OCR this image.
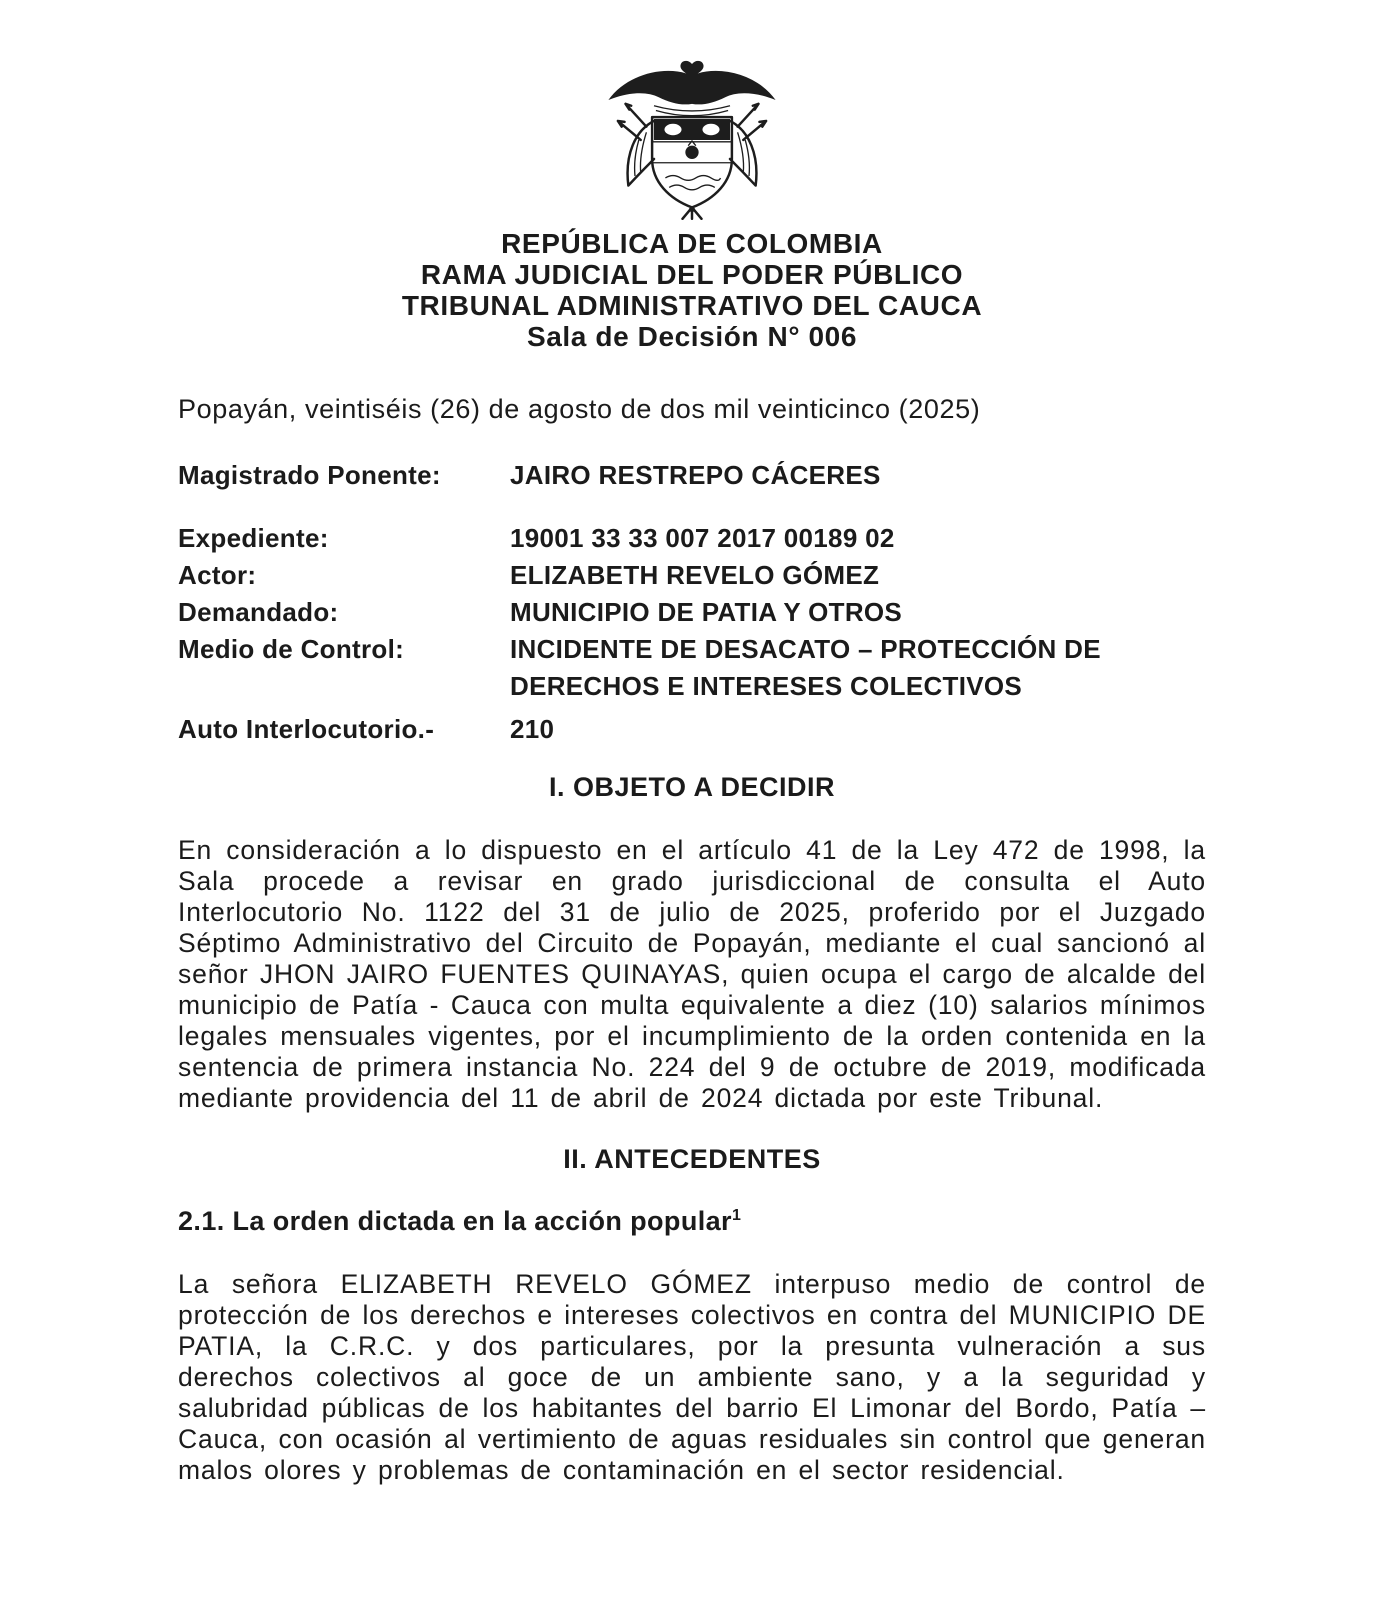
REPÚBLICA DE COLOMBIA
RAMA JUDICIAL DEL PODER PÚBLICO
TRIBUNAL ADMINISTRATIVO DEL CAUCA
Sala de Decisión N° 006

Popayán, veintiséis (26) de agosto de dos mil veinticinco (2025)

Magistrado Ponente:	JAIRO RESTREPO CÁCERES
Expediente:	19001 33 33 007 2017 00189 02
Actor:	ELIZABETH REVELO GÓMEZ
Demandado:	MUNICIPIO DE PATIA Y OTROS
Medio de Control:	INCIDENTE DE DESACATO – PROTECCIÓN DE DERECHOS E INTERESES COLECTIVOS
Auto Interlocutorio.-	210
I. OBJETO A DECIDIR

En consideración a lo dispuesto en el artículo 41 de la Ley 472 de 1998, la Sala procede a revisar en grado jurisdiccional de consulta el Auto Interlocutorio No. 1122 del 31 de julio de 2025, proferido por el Juzgado Séptimo Administrativo del Circuito de Popayán, mediante el cual sancionó al señor JHON JAIRO FUENTES QUINAYAS, quien ocupa el cargo de alcalde del municipio de Patía - Cauca con multa equivalente a diez (10) salarios mínimos legales mensuales vigentes, por el incumplimiento de la orden contenida en la sentencia de primera instancia No. 224 del 9 de octubre de 2019, modificada mediante providencia del 11 de abril de 2024 dictada por este Tribunal.

II. ANTECEDENTES
2.1. La orden dictada en la acción popular$^1$

La señora ELIZABETH REVELO GÓMEZ interpuso medio de control de protección de los derechos e intereses colectivos en contra del MUNICIPIO DE PATIA, la C.R.C. y dos particulares, por la presunta vulneración a sus derechos colectivos al goce de un ambiente sano, y a la seguridad y salubridad públicas de los habitantes del barrio El Limonar del Bordo, Patía – Cauca, con ocasión al vertimiento de aguas residuales sin control que generan malos olores y problemas de contaminación en el sector residencial.
